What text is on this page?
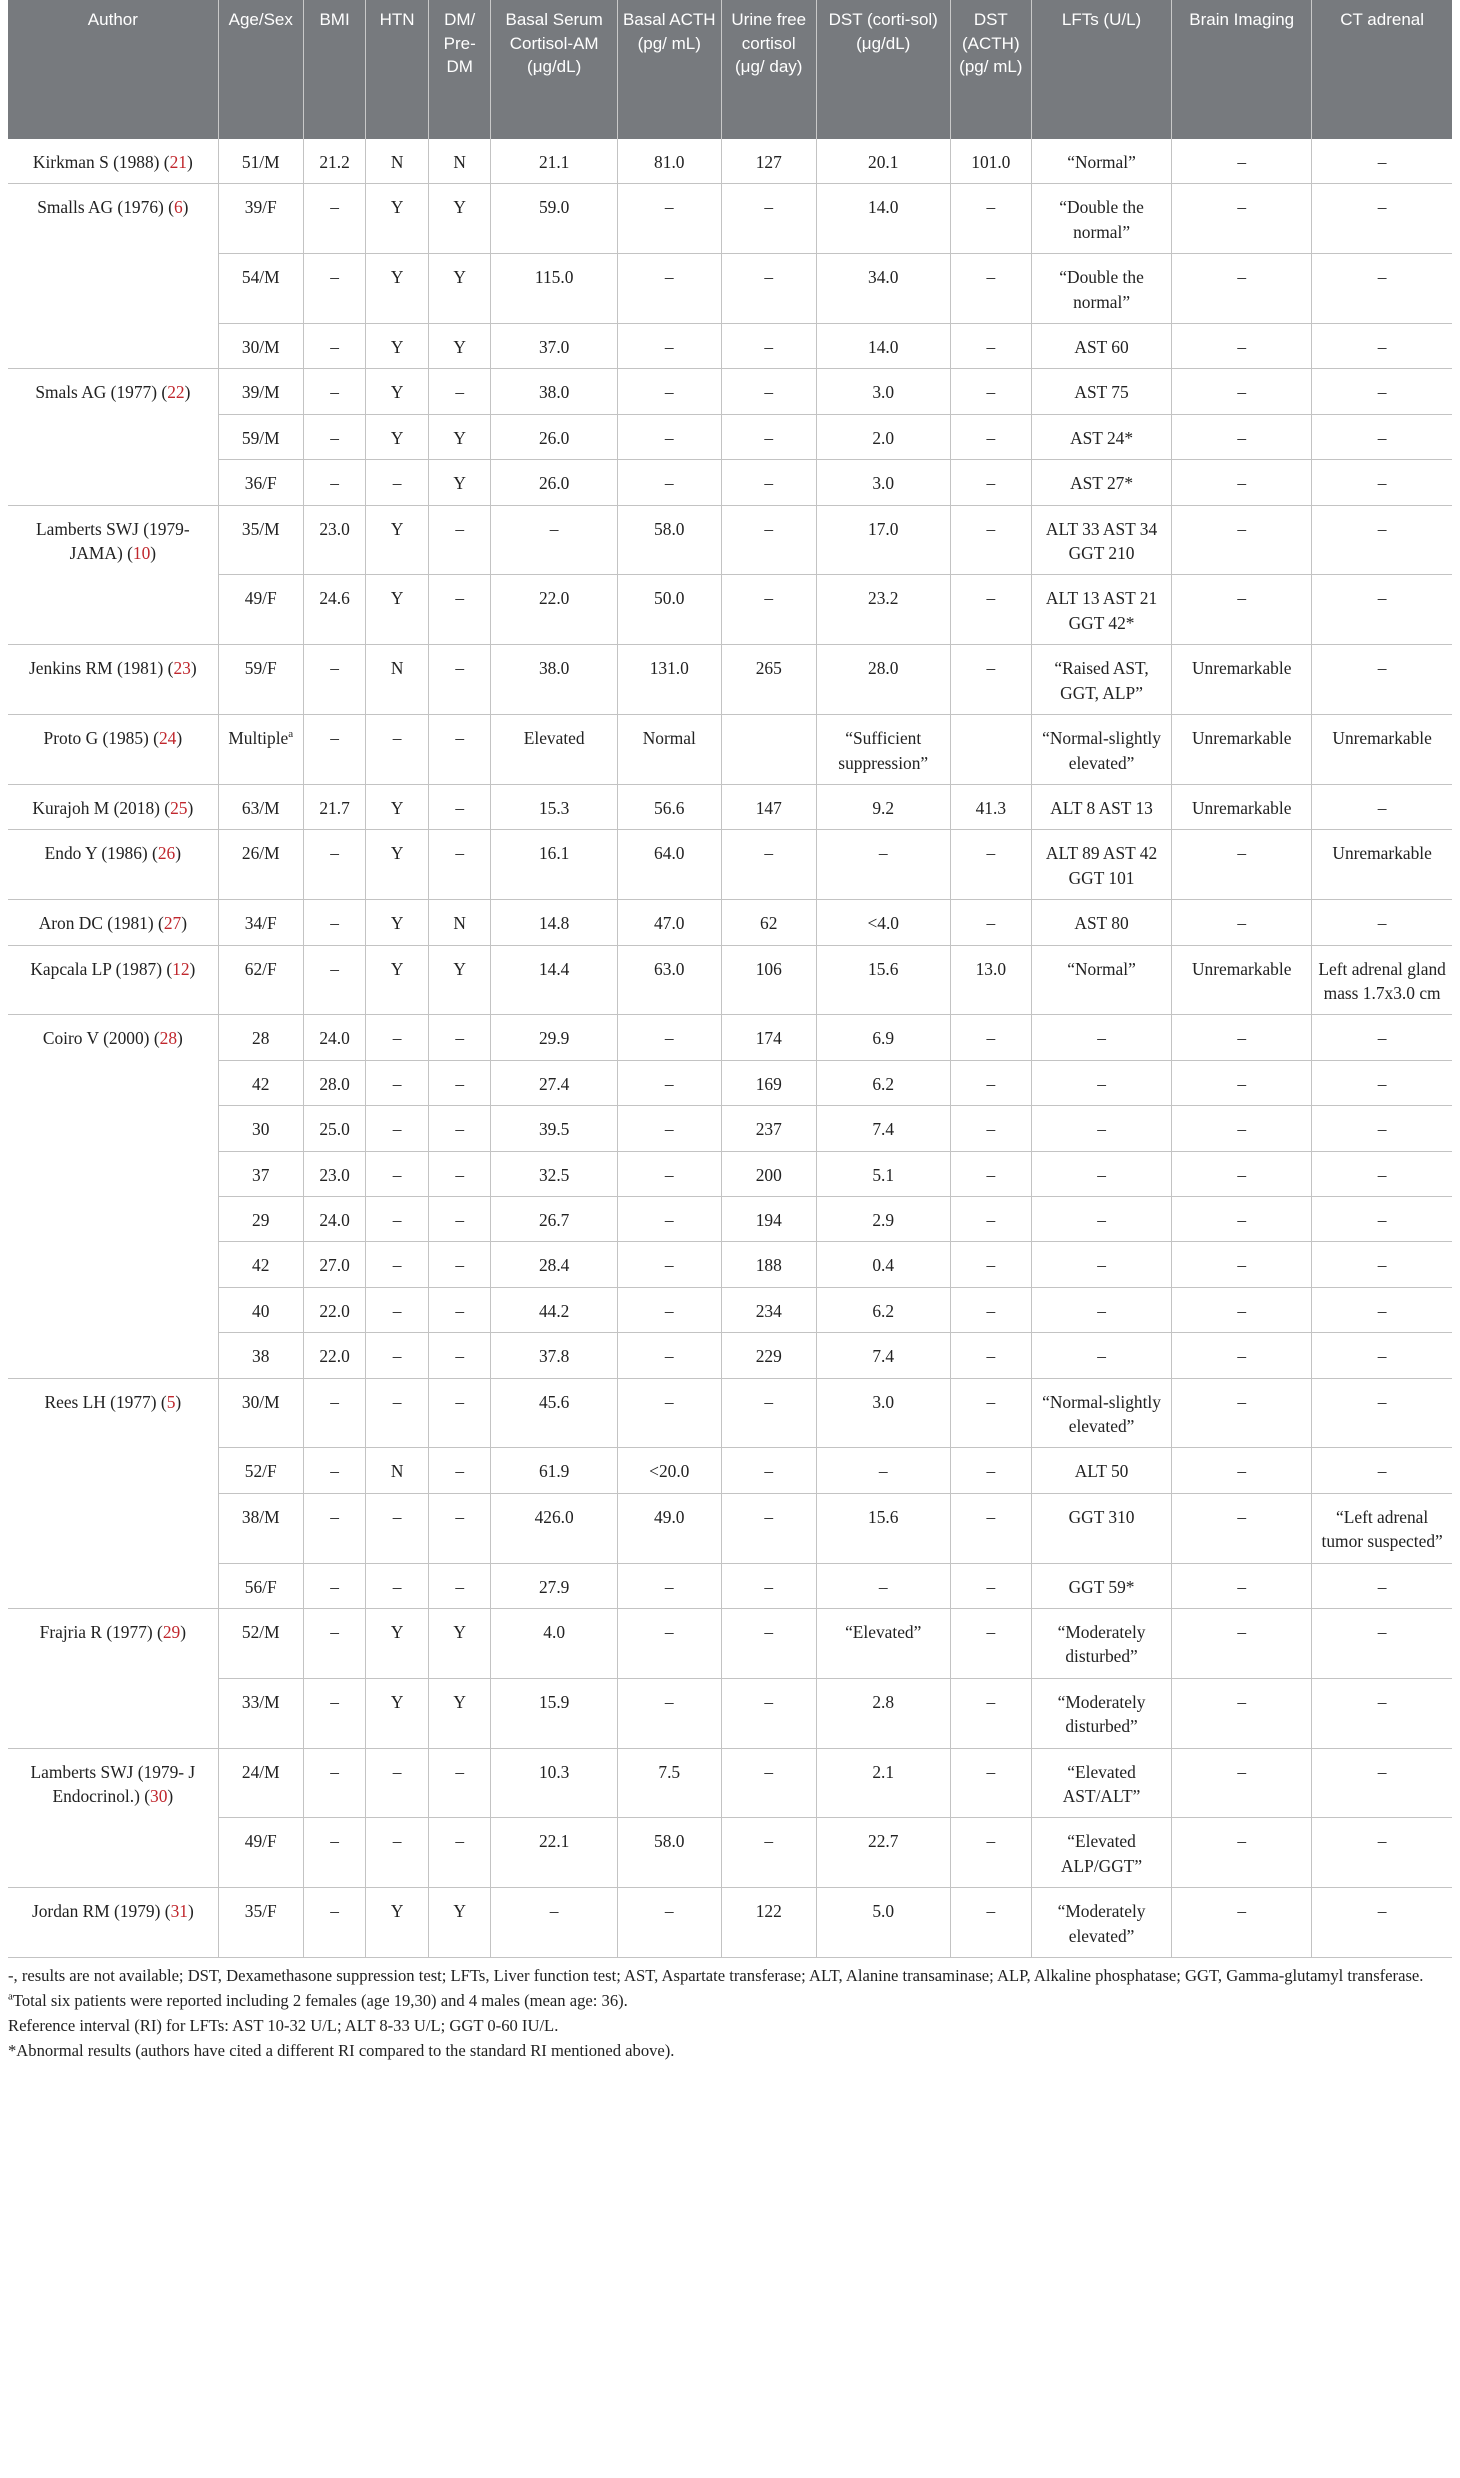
Author	Age/Sex	BMI	HTN	DM/ Pre-DM	Basal Serum Cortisol-AM (μg/dL)	Basal ACTH (pg/ mL)	Urine free cortisol (μg/ day)	DST (corti-sol) (μg/dL)	DST (ACTH) (pg/ mL)	LFTs (U/L)	Brain Imaging	CT adrenal
Kirkman S (1988) (21)	51/M	21.2	N	N	21.1	81.0	127	20.1	101.0	“Normal”	–	–
Smalls AG (1976) (6)	39/F	–	Y	Y	59.0	–	–	14.0	–	“Double the normal”	–	–
	54/M	–	Y	Y	115.0	–	–	34.0	–	“Double the normal”	–	–
	30/M	–	Y	Y	37.0	–	–	14.0	–	AST 60	–	–
Smals AG (1977) (22)	39/M	–	Y	–	38.0	–	–	3.0	–	AST 75	–	–
	59/M	–	Y	Y	26.0	–	–	2.0	–	AST 24*	–	–
	36/F	–	–	Y	26.0	–	–	3.0	–	AST 27*	–	–
Lamberts SWJ (1979- JAMA) (10)	35/M	23.0	Y	–	–	58.0	–	17.0	–	ALT 33 AST 34 GGT 210	–	–
	49/F	24.6	Y	–	22.0	50.0	–	23.2	–	ALT 13 AST 21 GGT 42*	–	–
Jenkins RM (1981) (23)	59/F	–	N	–	38.0	131.0	265	28.0	–	“Raised AST, GGT, ALP”	Unremarkable	–
Proto G (1985) (24)	Multiple$^a$	–	–	–	Elevated	Normal		“Sufficient suppression”		“Normal-slightly elevated”	Unremarkable	Unremarkable
Kurajoh M (2018) (25)	63/M	21.7	Y	–	15.3	56.6	147	9.2	41.3	ALT 8 AST 13	Unremarkable	–
Endo Y (1986) (26)	26/M	–	Y	–	16.1	64.0	–	–	–	ALT 89 AST 42 GGT 101	–	Unremarkable
Aron DC (1981) (27)	34/F	–	Y	N	14.8	47.0	62	<4.0	–	AST 80	–	–
Kapcala LP (1987) (12)	62/F	–	Y	Y	14.4	63.0	106	15.6	13.0	“Normal”	Unremarkable	Left adrenal gland mass 1.7x3.0 cm
Coiro V (2000) (28)	28	24.0	–	–	29.9	–	174	6.9	–	–	–	–
	42	28.0	–	–	27.4	–	169	6.2	–	–	–	–
	30	25.0	–	–	39.5	–	237	7.4	–	–	–	–
	37	23.0	–	–	32.5	–	200	5.1	–	–	–	–
	29	24.0	–	–	26.7	–	194	2.9	–	–	–	–
	42	27.0	–	–	28.4	–	188	0.4	–	–	–	–
	40	22.0	–	–	44.2	–	234	6.2	–	–	–	–
	38	22.0	–	–	37.8	–	229	7.4	–	–	–	–
Rees LH (1977) (5)	30/M	–	–	–	45.6	–	–	3.0	–	“Normal-slightly elevated”	–	–
	52/F	–	N	–	61.9	<20.0	–	–	–	ALT 50	–	–
	38/M	–	–	–	426.0	49.0	–	15.6	–	GGT 310	–	“Left adrenal tumor suspected”
	56/F	–	–	–	27.9	–	–	–	–	GGT 59*	–	–
Frajria R (1977) (29)	52/M	–	Y	Y	4.0	–	–	“Elevated”	–	“Moderately disturbed”	–	–
	33/M	–	Y	Y	15.9	–	–	2.8	–	“Moderately disturbed”	–	–
Lamberts SWJ (1979- J Endocrinol.) (30)	24/M	–	–	–	10.3	7.5	–	2.1	–	“Elevated AST/ALT”	–	–
	49/F	–	–	–	22.1	58.0	–	22.7	–	“Elevated ALP/GGT”	–	–
Jordan RM (1979) (31)	35/F	–	Y	Y	–	–	122	5.0	–	“Moderately elevated”	–	–

-, results are not available; DST, Dexamethasone suppression test; LFTs, Liver function test; AST, Aspartate transferase; ALT, Alanine transaminase; ALP, Alkaline phosphatase; GGT, Gamma-glutamyl transferase.

$^a$Total six patients were reported including 2 females (age 19,30) and 4 males (mean age: 36).

Reference interval (RI) for LFTs: AST 10-32 U/L; ALT 8-33 U/L; GGT 0-60 IU/L.

*Abnormal results (authors have cited a different RI compared to the standard RI mentioned above).
